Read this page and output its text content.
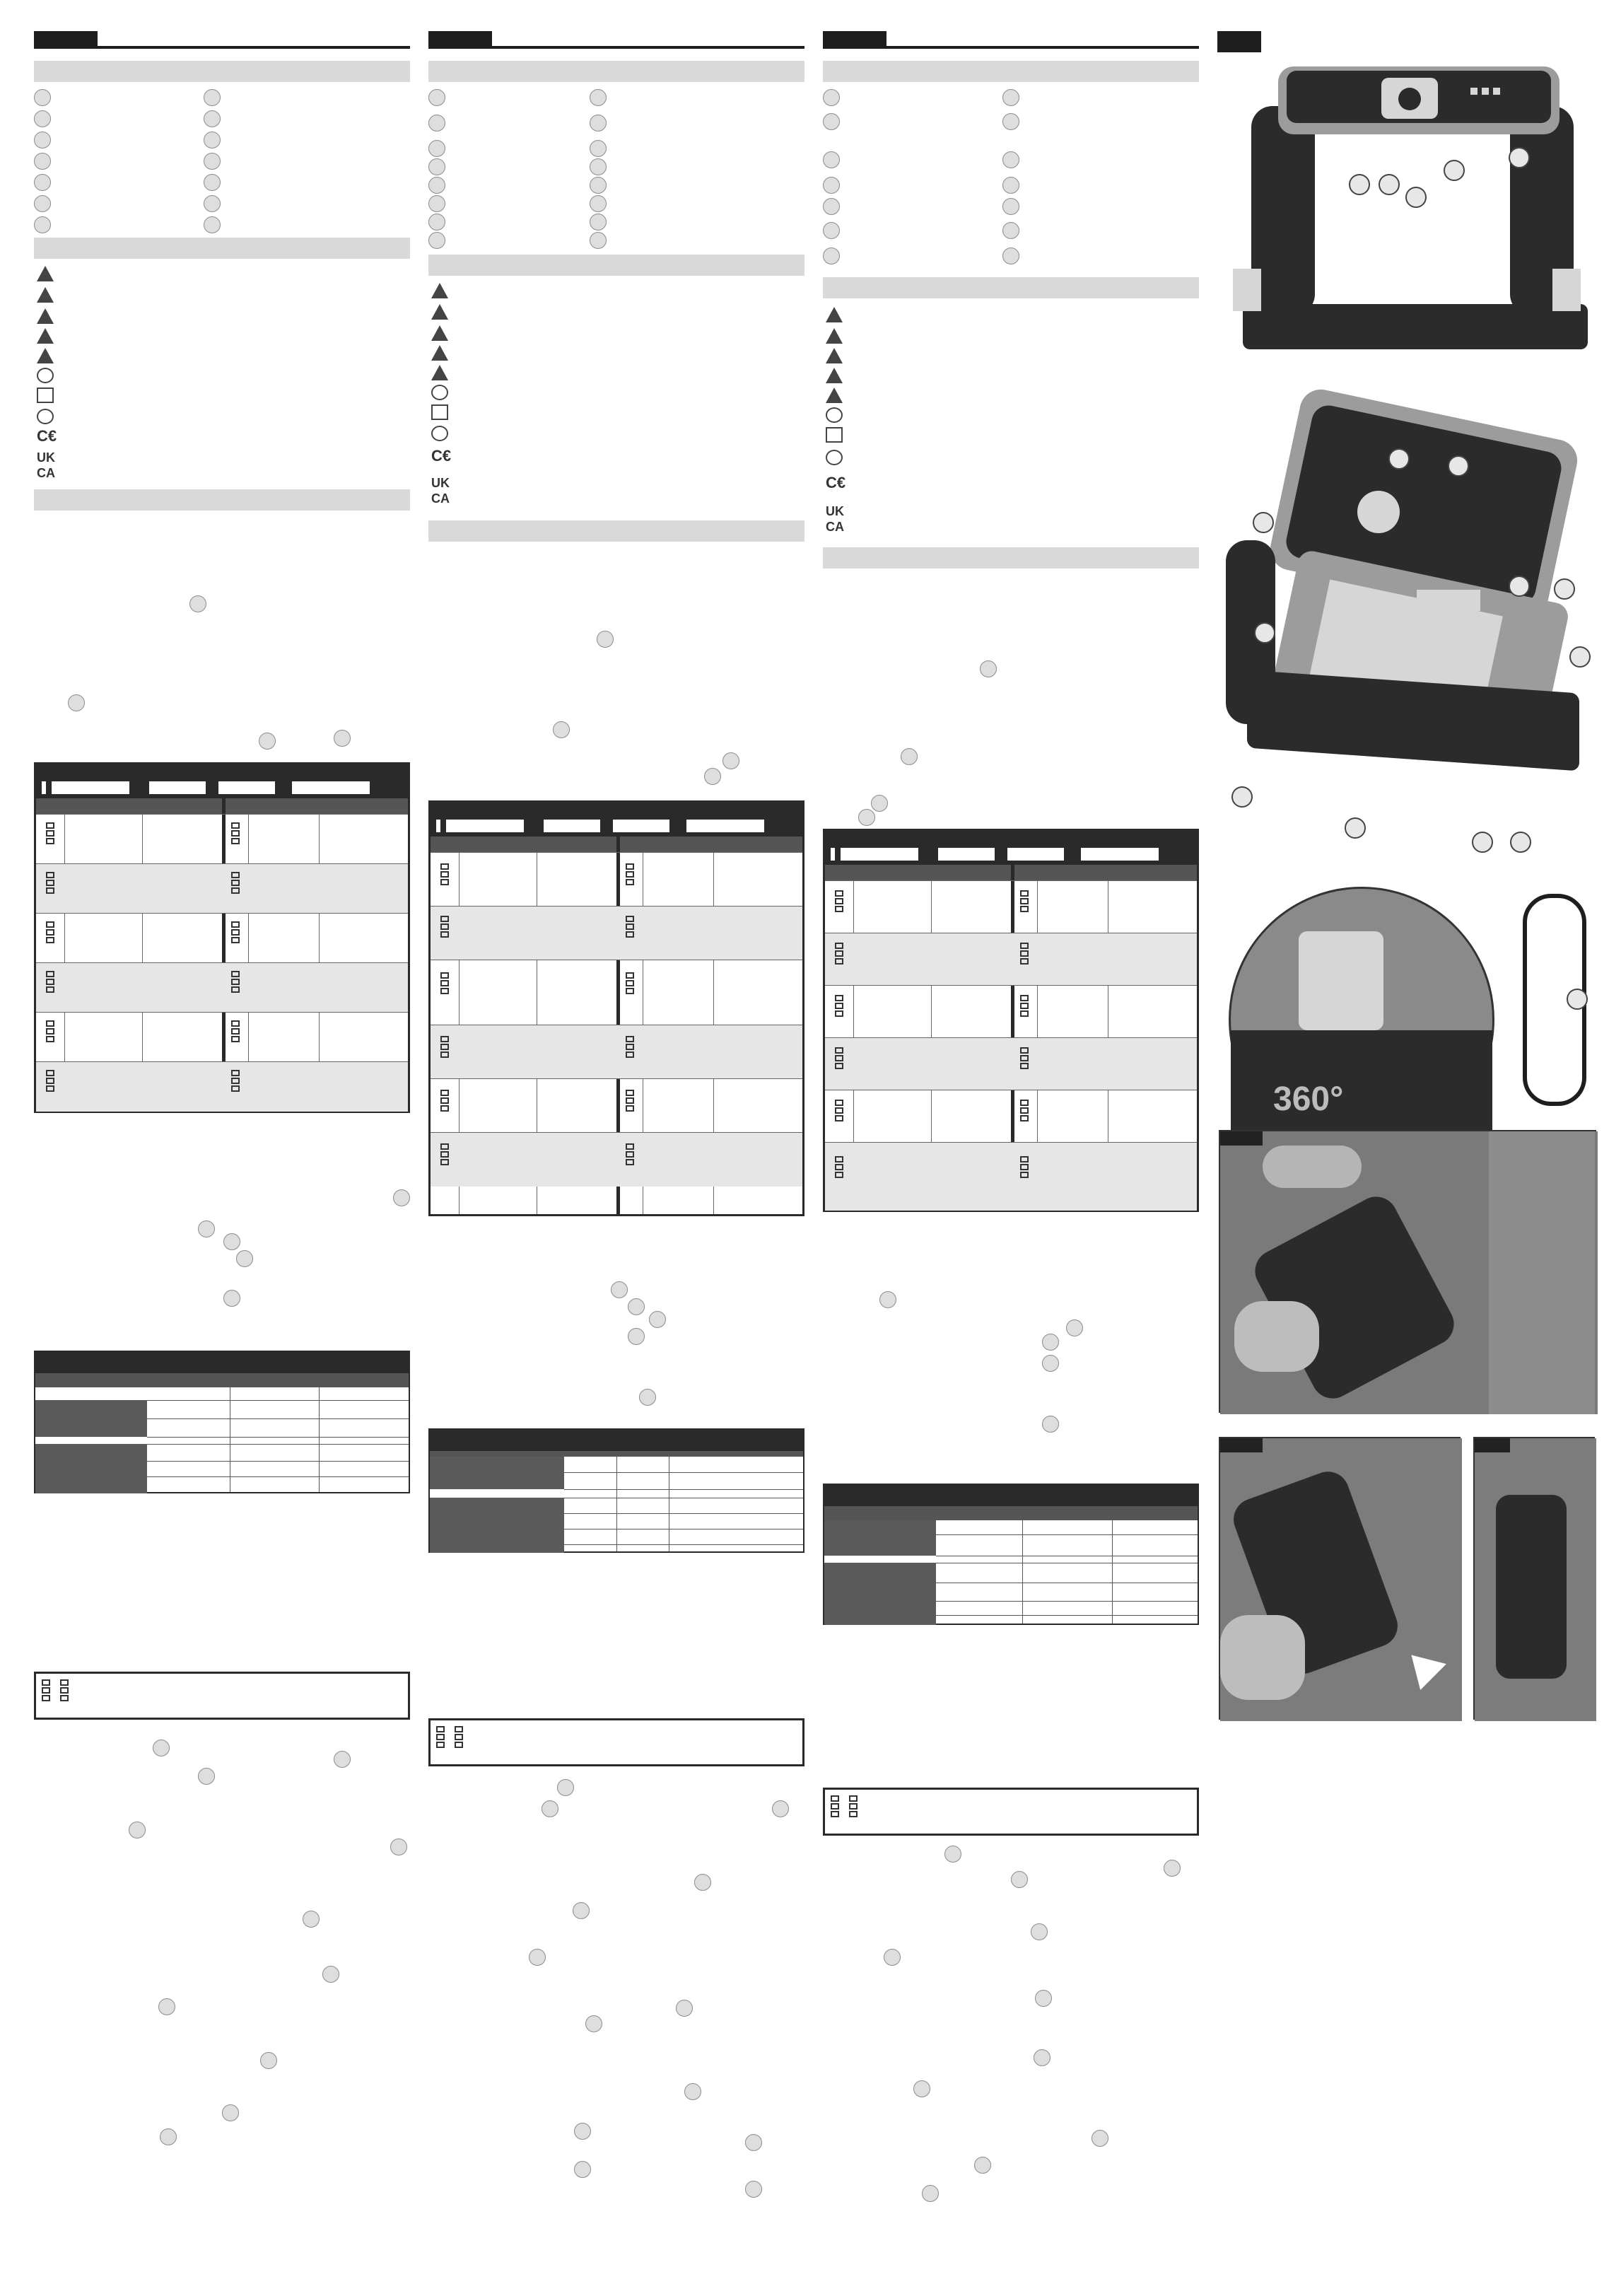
C€
UK
CA
C€
UK
CA
C€
UK
CA
360°
